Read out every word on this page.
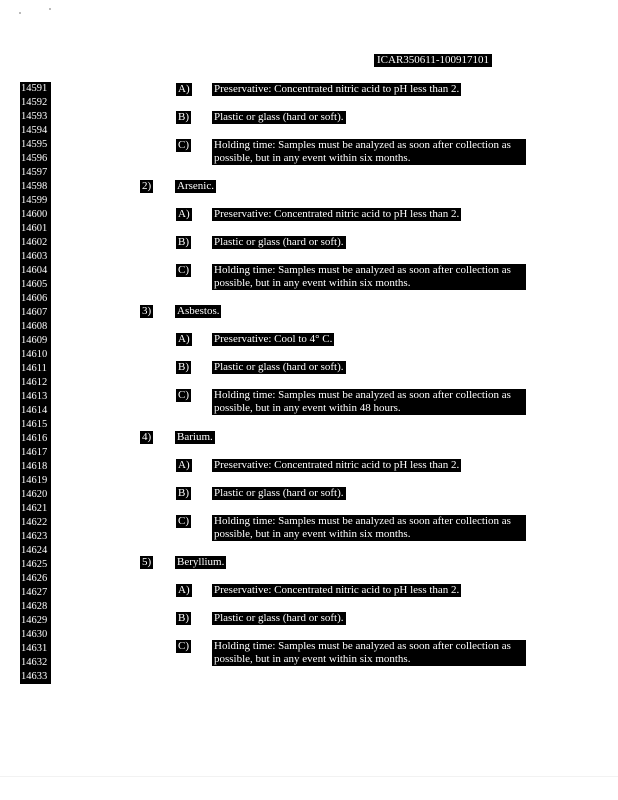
ICAR350611-100917101
14591
14592
14593
14594
14595
14596
14597
14598
14599
14600
14601
14602
14603
14604
14605
14606
14607
14608
14609
14610
14611
14612
14613
14614
14615
14616
14617
14618
14619
14620
14621
14622
14623
14624
14625
14626
14627
14628
14629
14630
14631
14632
14633
A) Preservative: Concentrated nitric acid to pH less than 2.
B) Plastic or glass (hard or soft).
C) Holding time: Samples must be analyzed as soon after collection as possible, but in any event within six months.
2) Arsenic.
A) Preservative: Concentrated nitric acid to pH less than 2.
B) Plastic or glass (hard or soft).
C) Holding time: Samples must be analyzed as soon after collection as possible, but in any event within six months.
3) Asbestos.
A) Preservative: Cool to 4° C.
B) Plastic or glass (hard or soft).
C) Holding time: Samples must be analyzed as soon after collection as possible, but in any event within 48 hours.
4) Barium.
A) Preservative: Concentrated nitric acid to pH less than 2.
B) Plastic or glass (hard or soft).
C) Holding time: Samples must be analyzed as soon after collection as possible, but in any event within six months.
5) Beryllium.
A) Preservative: Concentrated nitric acid to pH less than 2.
B) Plastic or glass (hard or soft).
C) Holding time: Samples must be analyzed as soon after collection as possible, but in any event within six months.
